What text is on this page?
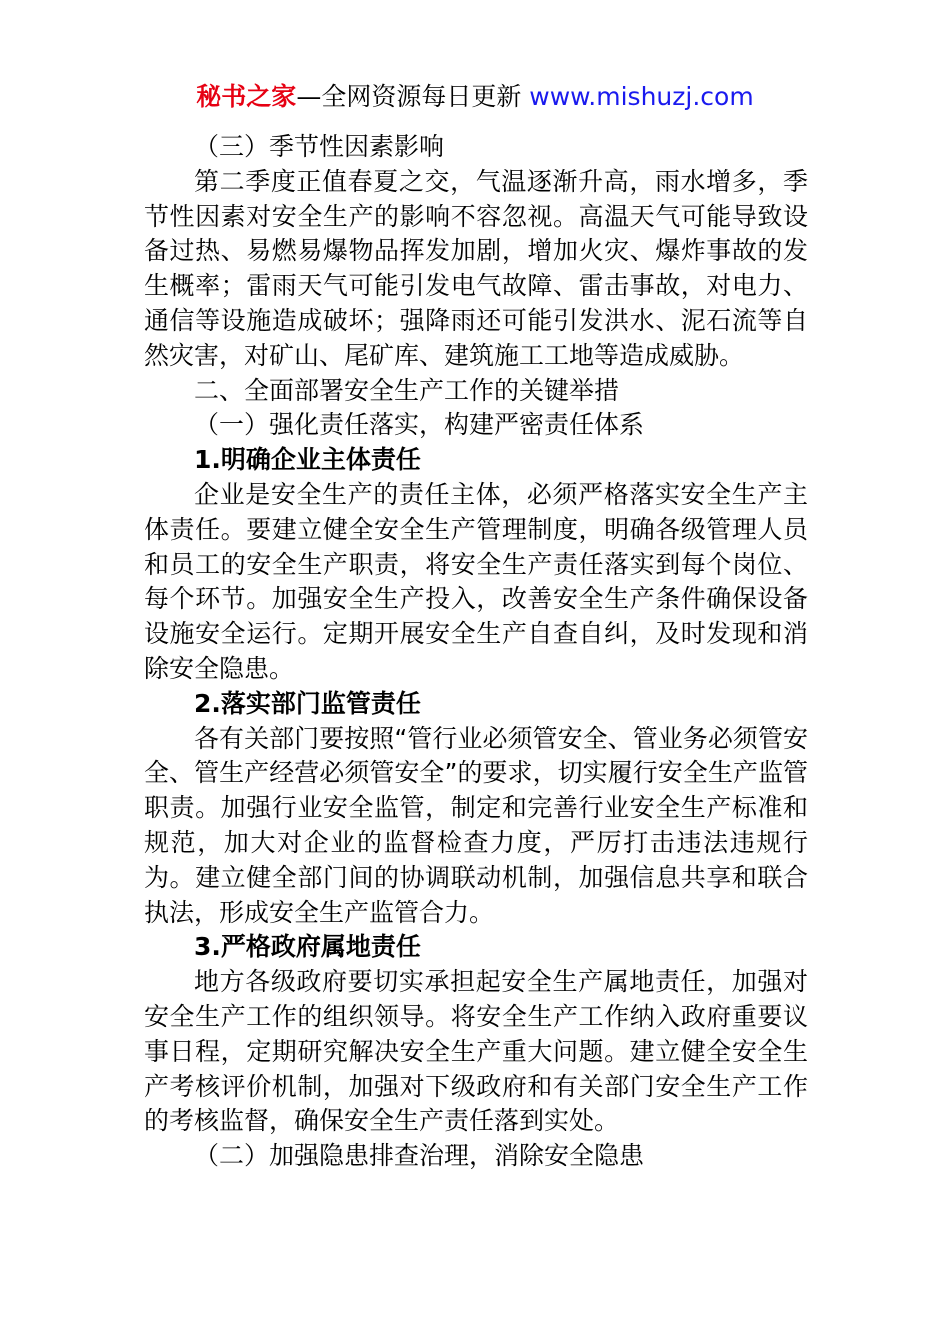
秘书之家—全网资源每日更新 www.mishuzj.com

（三）季节性因素影响

第二季度正值春夏之交，气温逐渐升高，雨水增多，季节性因素对安全生产的影响不容忽视。高温天气可能导致设备过热、易燃易爆物品挥发加剧，增加火灾、爆炸事故的发生概率；雷雨天气可能引发电气故障、雷击事故，对电力、通信等设施造成破坏；强降雨还可能引发洪水、泥石流等自然灾害，对矿山、尾矿库、建筑施工工地等造成威胁。

二、全面部署安全生产工作的关键举措

（一）强化责任落实，构建严密责任体系

1.明确企业主体责任

企业是安全生产的责任主体，必须严格落实安全生产主体责任。要建立健全安全生产管理制度，明确各级管理人员和员工的安全生产职责，将安全生产责任落实到每个岗位、每个环节。加强安全生产投入，改善安全生产条件确保设备设施安全运行。定期开展安全生产自查自纠，及时发现和消除安全隐患。

2.落实部门监管责任

各有关部门要按照“管行业必须管安全、管业务必须管安全、管生产经营必须管安全”的要求，切实履行安全生产监管职责。加强行业安全监管，制定和完善行业安全生产标准和规范，加大对企业的监督检查力度，严厉打击违法违规行为。建立健全部门间的协调联动机制，加强信息共享和联合执法，形成安全生产监管合力。

3.严格政府属地责任

地方各级政府要切实承担起安全生产属地责任，加强对安全生产工作的组织领导。将安全生产工作纳入政府重要议事日程，定期研究解决安全生产重大问题。建立健全安全生产考核评价机制，加强对下级政府和有关部门安全生产工作的考核监督，确保安全生产责任落到实处。

（二）加强隐患排查治理，消除安全隐患
